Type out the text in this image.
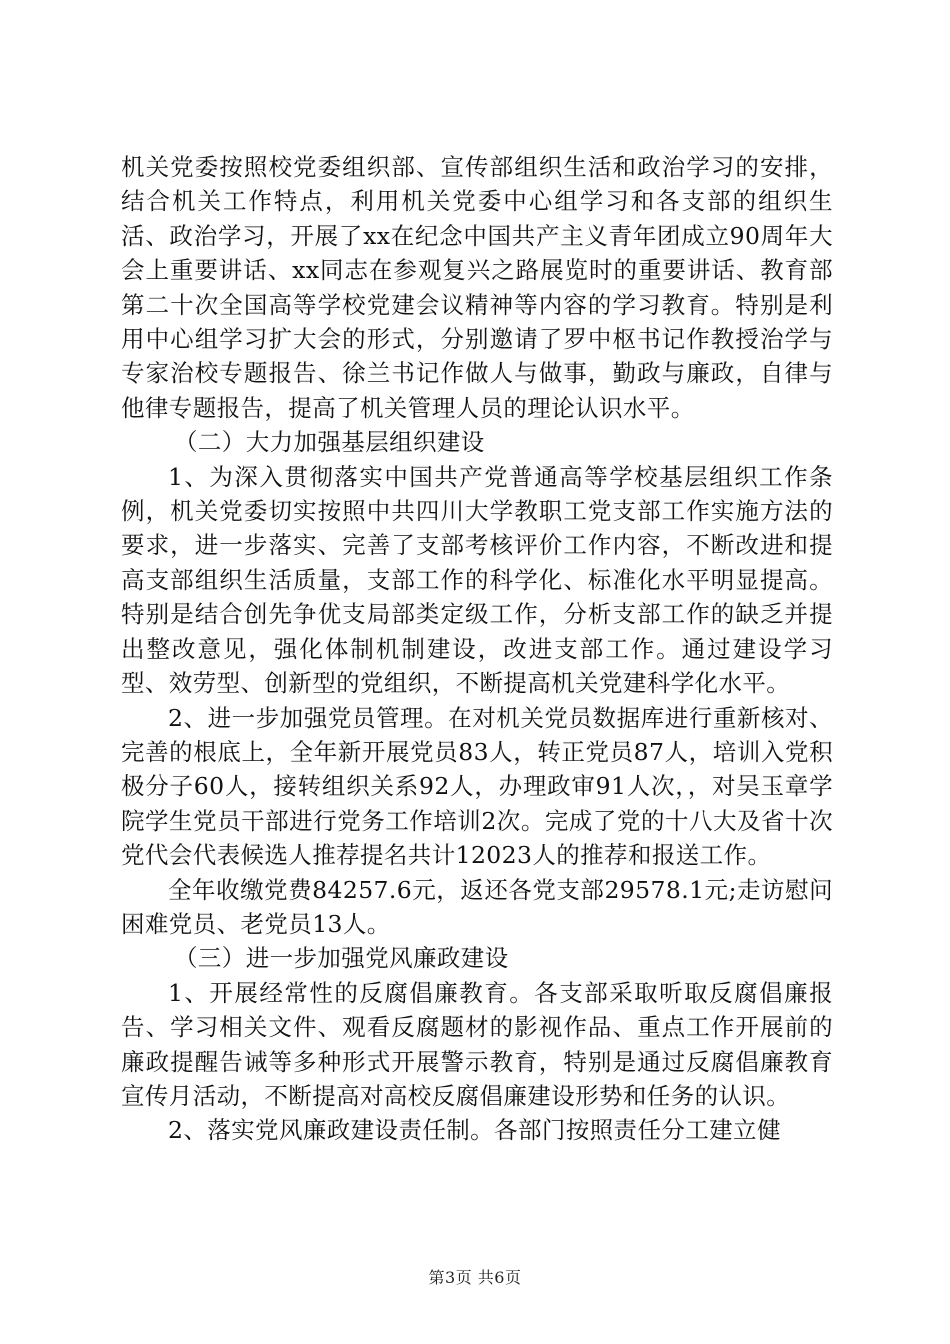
机关党委按照校党委组织部、宣传部组织生活和政治学习的安排，结合机关工作特点，利用机关党委中心组学习和各支部的组织生活、政治学习，开展了xx在纪念中国共产主义青年团成立90周年大会上重要讲话、xx同志在参观复兴之路展览时的重要讲话、教育部第二十次全国高等学校党建会议精神等内容的学习教育。特别是利用中心组学习扩大会的形式，分别邀请了罗中枢书记作教授治学与专家治校专题报告、徐兰书记作做人与做事，勤政与廉政，自律与他律专题报告，提高了机关管理人员的理论认识水平。

（二）大力加强基层组织建设

1、为深入贯彻落实中国共产党普通高等学校基层组织工作条例，机关党委切实按照中共四川大学教职工党支部工作实施方法的要求，进一步落实、完善了支部考核评价工作内容，不断改进和提高支部组织生活质量，支部工作的科学化、标准化水平明显提高。特别是结合创先争优支局部类定级工作，分析支部工作的缺乏并提出整改意见，强化体制机制建设，改进支部工作。通过建设学习型、效劳型、创新型的党组织，不断提高机关党建科学化水平。

2、进一步加强党员管理。在对机关党员数据库进行重新核对、完善的根底上，全年新开展党员83人，转正党员87人，培训入党积极分子60人，接转组织关系92人，办理政审91人次，，对吴玉章学院学生党员干部进行党务工作培训2次。完成了党的十八大及省十次党代会代表候选人推荐提名共计12023人的推荐和报送工作。

全年收缴党费84257.6元，返还各党支部29578.1元;走访慰问困难党员、老党员13人。

（三）进一步加强党风廉政建设

1、开展经常性的反腐倡廉教育。各支部采取听取反腐倡廉报告、学习相关文件、观看反腐题材的影视作品、重点工作开展前的廉政提醒告诫等多种形式开展警示教育，特别是通过反腐倡廉教育宣传月活动，不断提高对高校反腐倡廉建设形势和任务的认识。

2、落实党风廉政建设责任制。各部门按照责任分工建立健

第3页 共6页
